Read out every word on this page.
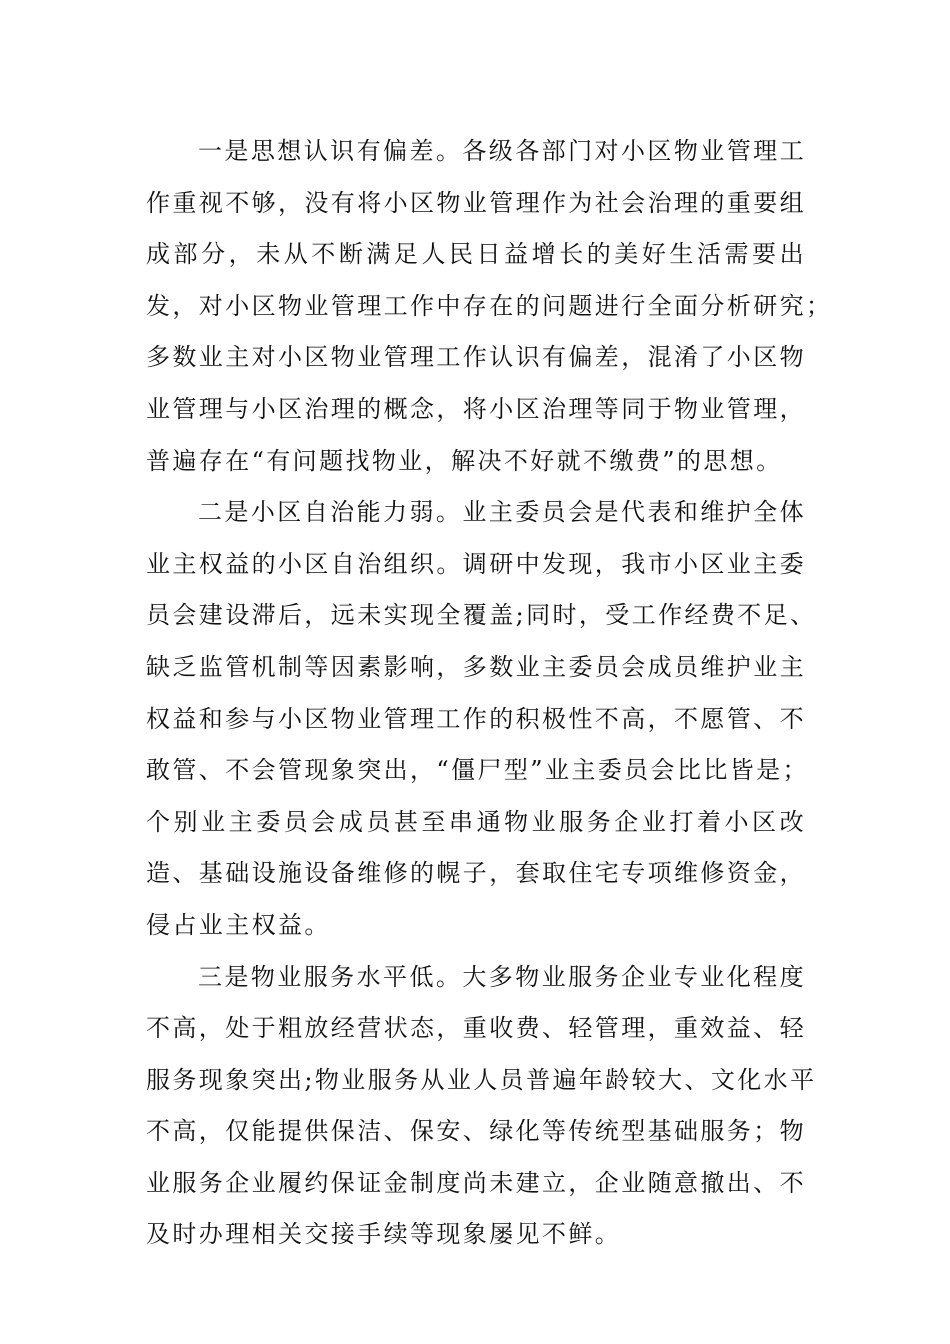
一是思想认识有偏差。各级各部门对小区物业管理工
作重视不够，没有将小区物业管理作为社会治理的重要组
成部分，未从不断满足人民日益增长的美好生活需要出
发，对小区物业管理工作中存在的问题进行全面分析研究；
多数业主对小区物业管理工作认识有偏差，混淆了小区物
业管理与小区治理的概念，将小区治理等同于物业管理，
普遍存在“有问题找物业，解决不好就不缴费”的思想。
二是小区自治能力弱。业主委员会是代表和维护全体
业主权益的小区自治组织。调研中发现，我市小区业主委
员会建设滞后，远未实现全覆盖;同时，受工作经费不足、
缺乏监管机制等因素影响，多数业主委员会成员维护业主
权益和参与小区物业管理工作的积极性不高，不愿管、不
敢管、不会管现象突出，“僵尸型”业主委员会比比皆是；
个别业主委员会成员甚至串通物业服务企业打着小区改
造、基础设施设备维修的幌子，套取住宅专项维修资金，
侵占业主权益。
三是物业服务水平低。大多物业服务企业专业化程度
不高，处于粗放经营状态，重收费、轻管理，重效益、轻
服务现象突出;物业服务从业人员普遍年龄较大、文化水平
不高，仅能提供保洁、保安、绿化等传统型基础服务；物
业服务企业履约保证金制度尚未建立，企业随意撤出、不
及时办理相关交接手续等现象屡见不鲜。
